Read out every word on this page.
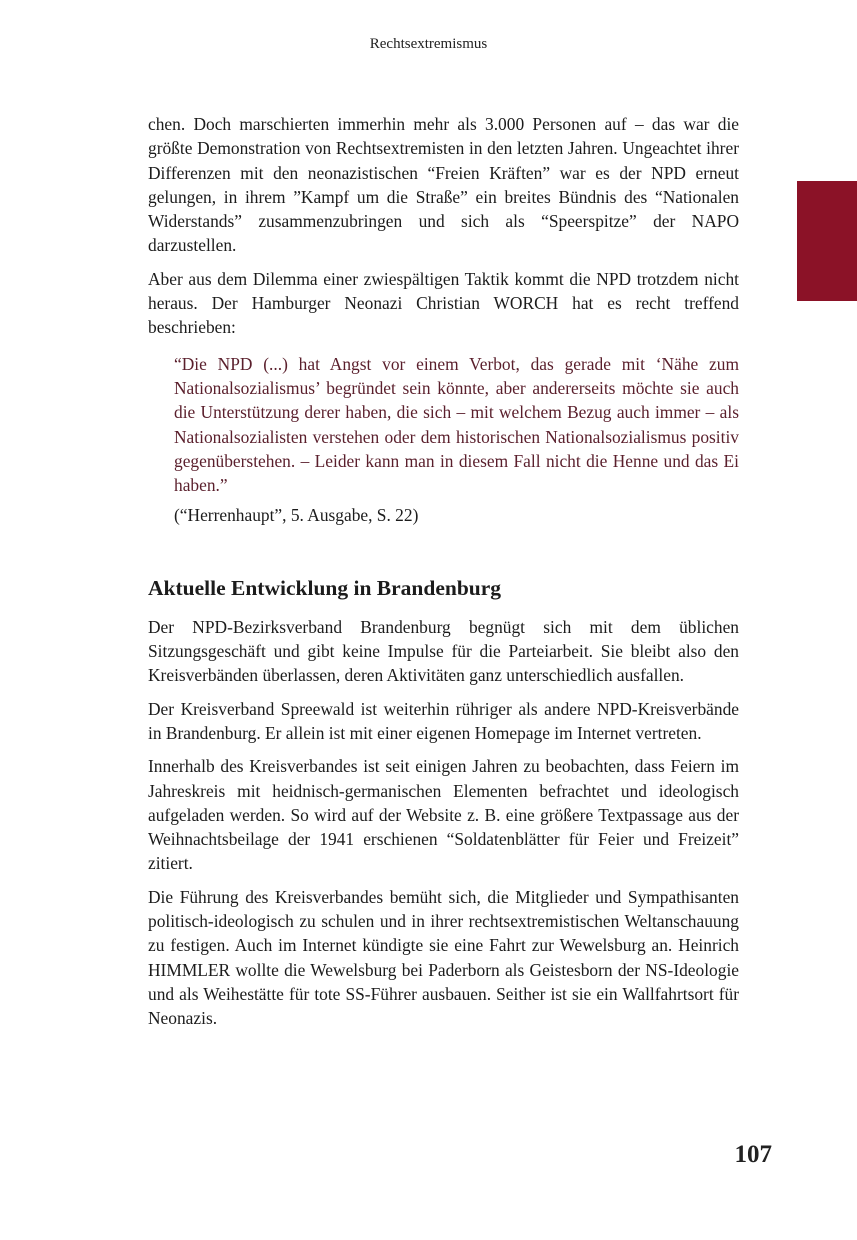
Rechtsextremismus

chen. Doch marschierten immerhin mehr als 3.000 Personen auf – das war die größte Demonstration von Rechtsextremisten in den letzten Jahren. Ungeachtet ihrer Differenzen mit den neonazistischen “Freien Kräften” war es der NPD erneut gelungen, in ihrem ”Kampf um die Straße” ein breites Bündnis des “Nationalen Widerstands” zusammenzubringen und sich als “Speerspitze” der NAPO darzustellen.

Aber aus dem Dilemma einer zwiespältigen Taktik kommt die NPD trotzdem nicht heraus. Der Hamburger Neonazi Christian WORCH hat es recht treffend beschrieben:

“Die NPD (...) hat Angst vor einem Verbot, das gerade mit ‘Nähe zum Nationalsozialismus’ begründet sein könnte, aber andererseits möchte sie auch die Unterstützung derer haben, die sich – mit welchem Bezug auch immer – als Nationalsozialisten verstehen oder dem historischen Nationalsozialismus positiv gegenüberstehen. – Leider kann man in diesem Fall nicht die Henne und das Ei haben.”

(“Herrenhaupt”, 5. Ausgabe, S. 22)

Aktuelle Entwicklung in Brandenburg

Der NPD-Bezirksverband Brandenburg begnügt sich mit dem üblichen Sitzungsgeschäft und gibt keine Impulse für die Parteiarbeit. Sie bleibt also den Kreisverbänden überlassen, deren Aktivitäten ganz unterschiedlich ausfallen.

Der Kreisverband Spreewald ist weiterhin rühriger als andere NPD-Kreisverbände in Brandenburg. Er allein ist mit einer eigenen Homepage im Internet vertreten.

Innerhalb des Kreisverbandes ist seit einigen Jahren zu beobachten, dass Feiern im Jahreskreis mit heidnisch-germanischen Elementen befrachtet und ideologisch aufgeladen werden. So wird auf der Website z. B. eine größere Textpassage aus der Weihnachtsbeilage der 1941 erschienen “Soldatenblätter für Feier und Freizeit” zitiert.

Die Führung des Kreisverbandes bemüht sich, die Mitglieder und Sympathisanten politisch-ideologisch zu schulen und in ihrer rechtsextremistischen Weltanschauung zu festigen. Auch im Internet kündigte sie eine Fahrt zur Wewelsburg an. Heinrich HIMMLER wollte die Wewelsburg bei Paderborn als Geistesborn der NS-Ideologie und als Weihestätte für tote SS-Führer ausbauen. Seither ist sie ein Wallfahrtsort für Neonazis.

107
